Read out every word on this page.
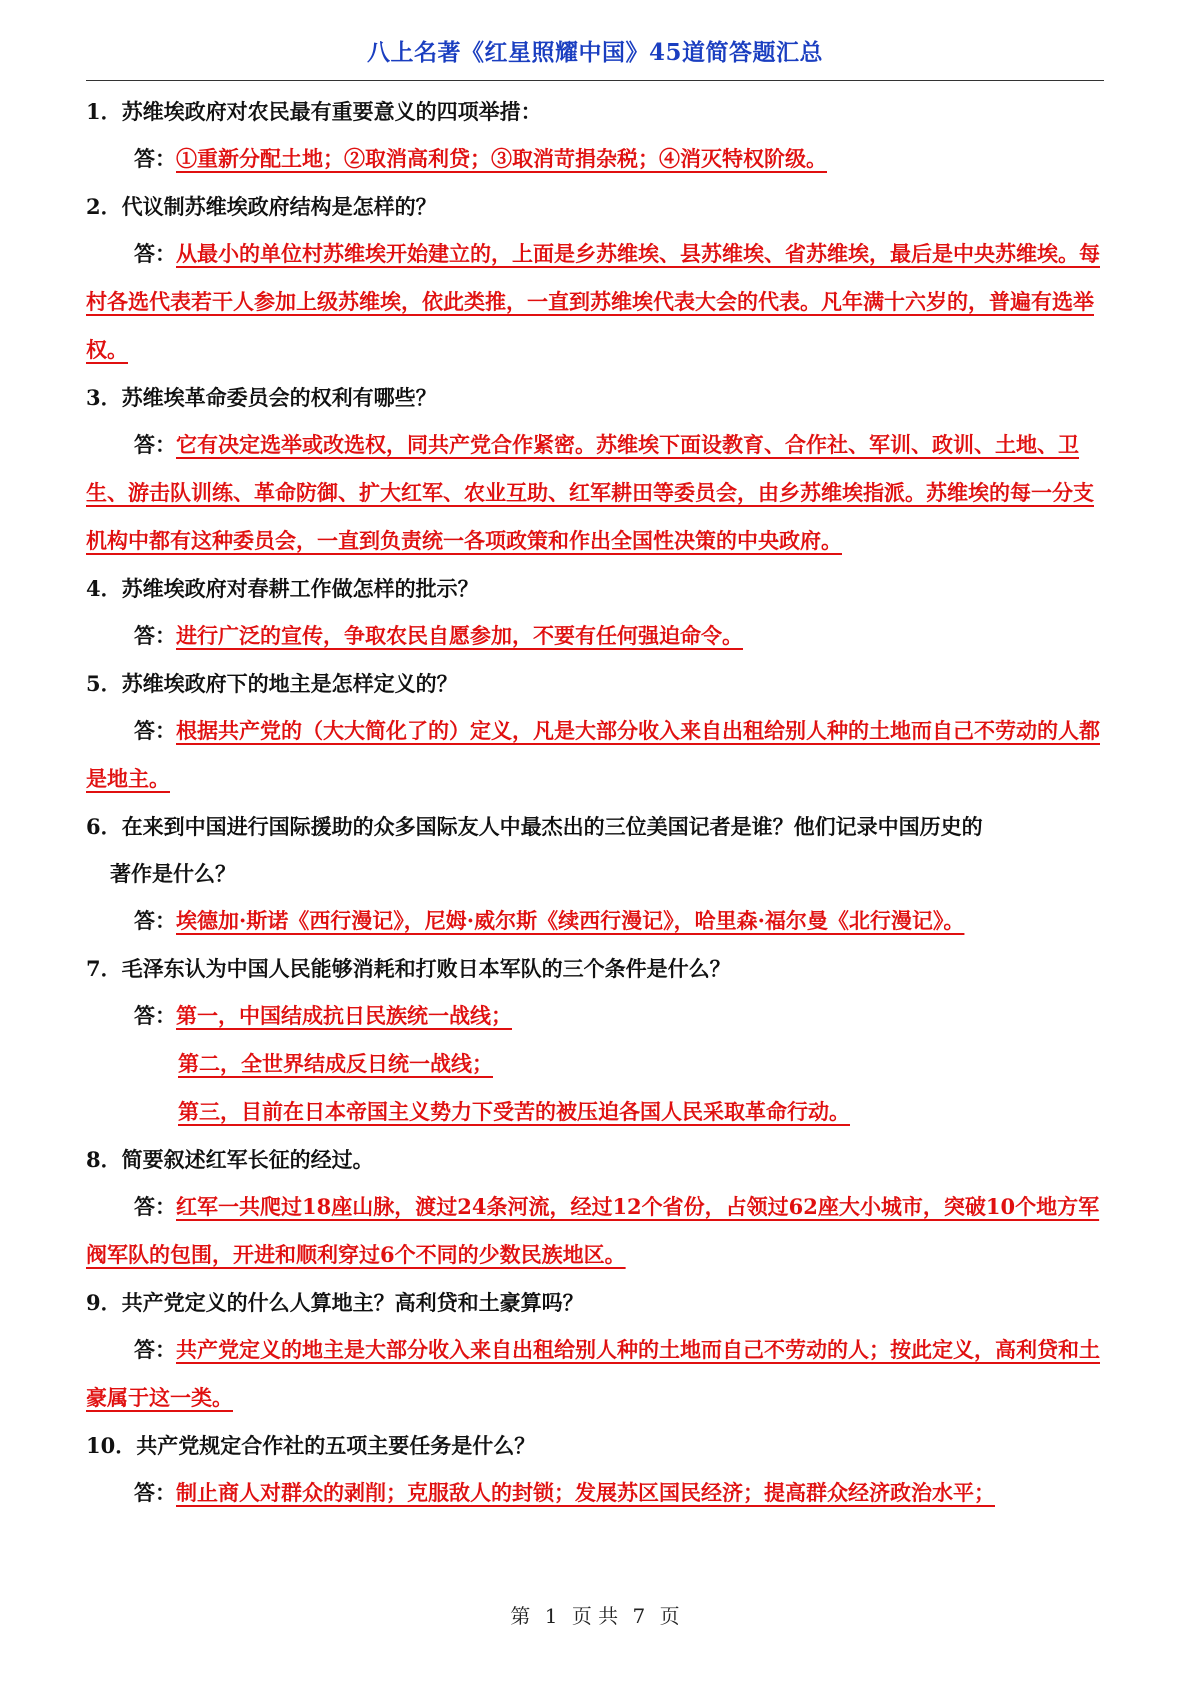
八上名著《红星照耀中国》45道简答题汇总

1．苏维埃政府对农民最有重要意义的四项举措：

答：①重新分配土地；②取消高利贷；③取消苛捐杂税；④消灭特权阶级。

2．代议制苏维埃政府结构是怎样的？

答：从最小的单位村苏维埃开始建立的，上面是乡苏维埃、县苏维埃、省苏维埃，最后是中央苏维埃。每村各选代表若干人参加上级苏维埃，依此类推，一直到苏维埃代表大会的代表。凡年满十六岁的，普遍有选举权。

3．苏维埃革命委员会的权利有哪些？

答：它有决定选举或改选权，同共产党合作紧密。苏维埃下面设教育、合作社、军训、政训、土地、卫生、游击队训练、革命防御、扩大红军、农业互助、红军耕田等委员会，由乡苏维埃指派。苏维埃的每一分支机构中都有这种委员会，一直到负责统一各项政策和作出全国性决策的中央政府。

4．苏维埃政府对春耕工作做怎样的批示？

答：进行广泛的宣传，争取农民自愿参加，不要有任何强迫命令。

5．苏维埃政府下的地主是怎样定义的？

答：根据共产党的（大大简化了的）定义，凡是大部分收入来自出租给别人种的土地而自己不劳动的人都是地主。

6．在来到中国进行国际援助的众多国际友人中最杰出的三位美国记者是谁？他们记录中国历史的
著作是什么？

答：埃德加·斯诺《西行漫记》，尼姆·威尔斯《续西行漫记》，哈里森·福尔曼《北行漫记》。

7．毛泽东认为中国人民能够消耗和打败日本军队的三个条件是什么？

答：第一，中国结成抗日民族统一战线；

第二，全世界结成反日统一战线；

第三，目前在日本帝国主义势力下受苦的被压迫各国人民采取革命行动。

8．简要叙述红军长征的经过。

答：红军一共爬过18座山脉，渡过24条河流，经过12个省份，占领过62座大小城市，突破10个地方军阀军队的包围，开进和顺利穿过6个不同的少数民族地区。

9．共产党定义的什么人算地主？高利贷和土豪算吗？

答：共产党定义的地主是大部分收入来自出租给别人种的土地而自己不劳动的人；按此定义，高利贷和土豪属于这一类。

10．共产党规定合作社的五项主要任务是什么？

答：制止商人对群众的剥削；克服敌人的封锁；发展苏区国民经济；提高群众经济政治水平；

第 1 页 共 7 页
